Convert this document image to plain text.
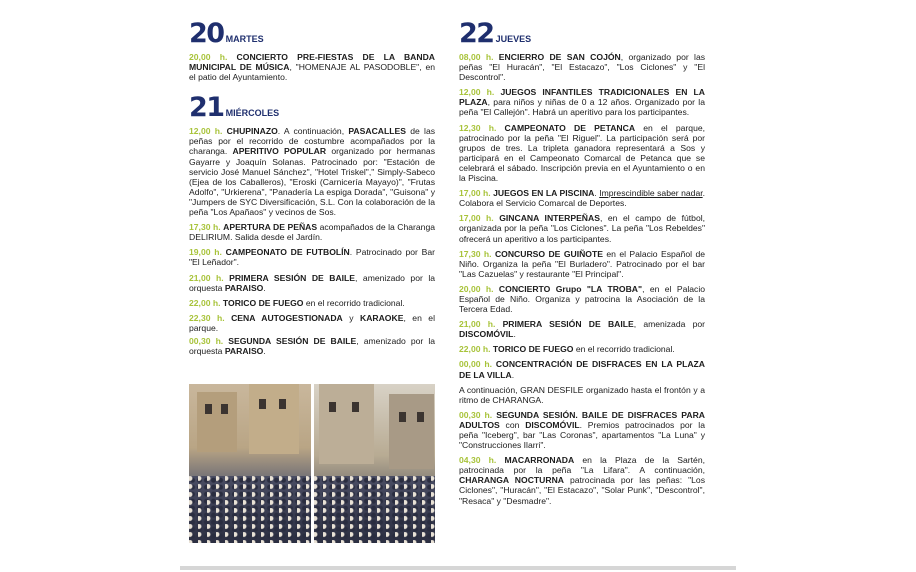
20 MARTES

20,00 h. CONCIERTO PRE-FIESTAS DE LA BANDA MUNICIPAL DE MÚSICA, "HOMENAJE AL PASODOBLE", en el patio del Ayuntamiento.

21 MIÉRCOLES

12,00 h. CHUPINAZO. A continuación, PASACALLES de las peñas por el recorrido de costumbre acompañados por la charanga. APERITIVO POPULAR organizado por hermanas Gayarre y Joaquín Solanas. Patrocinado por: "Estación de servicio José Manuel Sánchez", "Hotel Triskel"," Simply-Sabeco (Ejea de los Caballeros), "Eroski (Carnicería Mayayo)", "Frutas Adolfo", "Urkierena", "Panadería La espiga Dorada", "Guisona" y "Jumpers de SYC Diversificación, S.L. Con la colaboración de la peña "Los Apañaos" y vecinos de Sos.

17,30 h. APERTURA DE PEÑAS acompañados de la Charanga DELIRIUM. Salida desde el Jardín.

19,00 h. CAMPEONATO DE FUTBOLÍN. Patrocinado por Bar "El Leñador".

21,00 h. PRIMERA SESIÓN DE BAILE, amenizado por la orquesta PARAISO.

22,00 h. TORICO DE FUEGO en el recorrido tradicional.

22,30 h. CENA AUTOGESTIONADA y KARAOKE, en el parque.

00,30 h. SEGUNDA SESIÓN DE BAILE, amenizado por la orquesta PARAISO.

22 JUEVES

08,00 h. ENCIERRO DE SAN COJÓN, organizado por las peñas "El Huracán", "El Estacazo", "Los Ciclones" y "El Descontrol".

12,00 h. JUEGOS INFANTILES TRADICIONALES EN LA PLAZA, para niños y niñas de 0 a 12 años. Organizado por la peña "El Callejón". Habrá un aperitivo para los participantes.

12,30 h. CAMPEONATO DE PETANCA en el parque, patrocinado por la peña "El Riguel". La participación será por grupos de tres. La tripleta ganadora representará a Sos y participará en el Campeonato Comarcal de Petanca que se celebrará el sábado. Inscripción previa en el Ayuntamiento o en la Piscina.

17,00 h. JUEGOS EN LA PISCINA. Imprescindible saber nadar. Colabora el Servicio Comarcal de Deportes.

17,00 h. GINCANA INTERPEÑAS, en el campo de fútbol, organizada por la peña "Los Ciclones". La peña "Los Rebeldes" ofrecerá un aperitivo a los participantes.

17,30 h. CONCURSO DE GUIÑOTE en el Palacio Español de Niño. Organiza la peña "El Burladero". Patrocinado por el bar "Las Cazuelas" y restaurante "El Principal".

20,00 h. CONCIERTO Grupo "LA TROBA", en el Palacio Español de Niño. Organiza y patrocina la Asociación de la Tercera Edad.

21,00 h. PRIMERA SESIÓN DE BAILE, amenizada por DISCOMÓVIL.

22,00 h. TORICO DE FUEGO en el recorrido tradicional.

00,00 h. CONCENTRACIÓN DE DISFRACES EN LA PLAZA DE LA VILLA.

A continuación, GRAN DESFILE organizado hasta el frontón y a ritmo de CHARANGA.

00,30 h. SEGUNDA SESIÓN. BAILE DE DISFRACES PARA ADULTOS con DISCOMÓVIL. Premios patrocinados por la peña "Iceberg", bar "Las Coronas", apartamentos "La Luna" y "Construcciones Ilarri".

04,30 h. MACARRONADA en la Plaza de la Sartén, patrocinada por la peña "La Lifara". A continuación, CHARANGA NOCTURNA patrocinada por las peñas: "Los Ciclones", "Huracán", "El Estacazo", "Solar Punk", "Descontrol", "Resaca" y "Desmadre".
